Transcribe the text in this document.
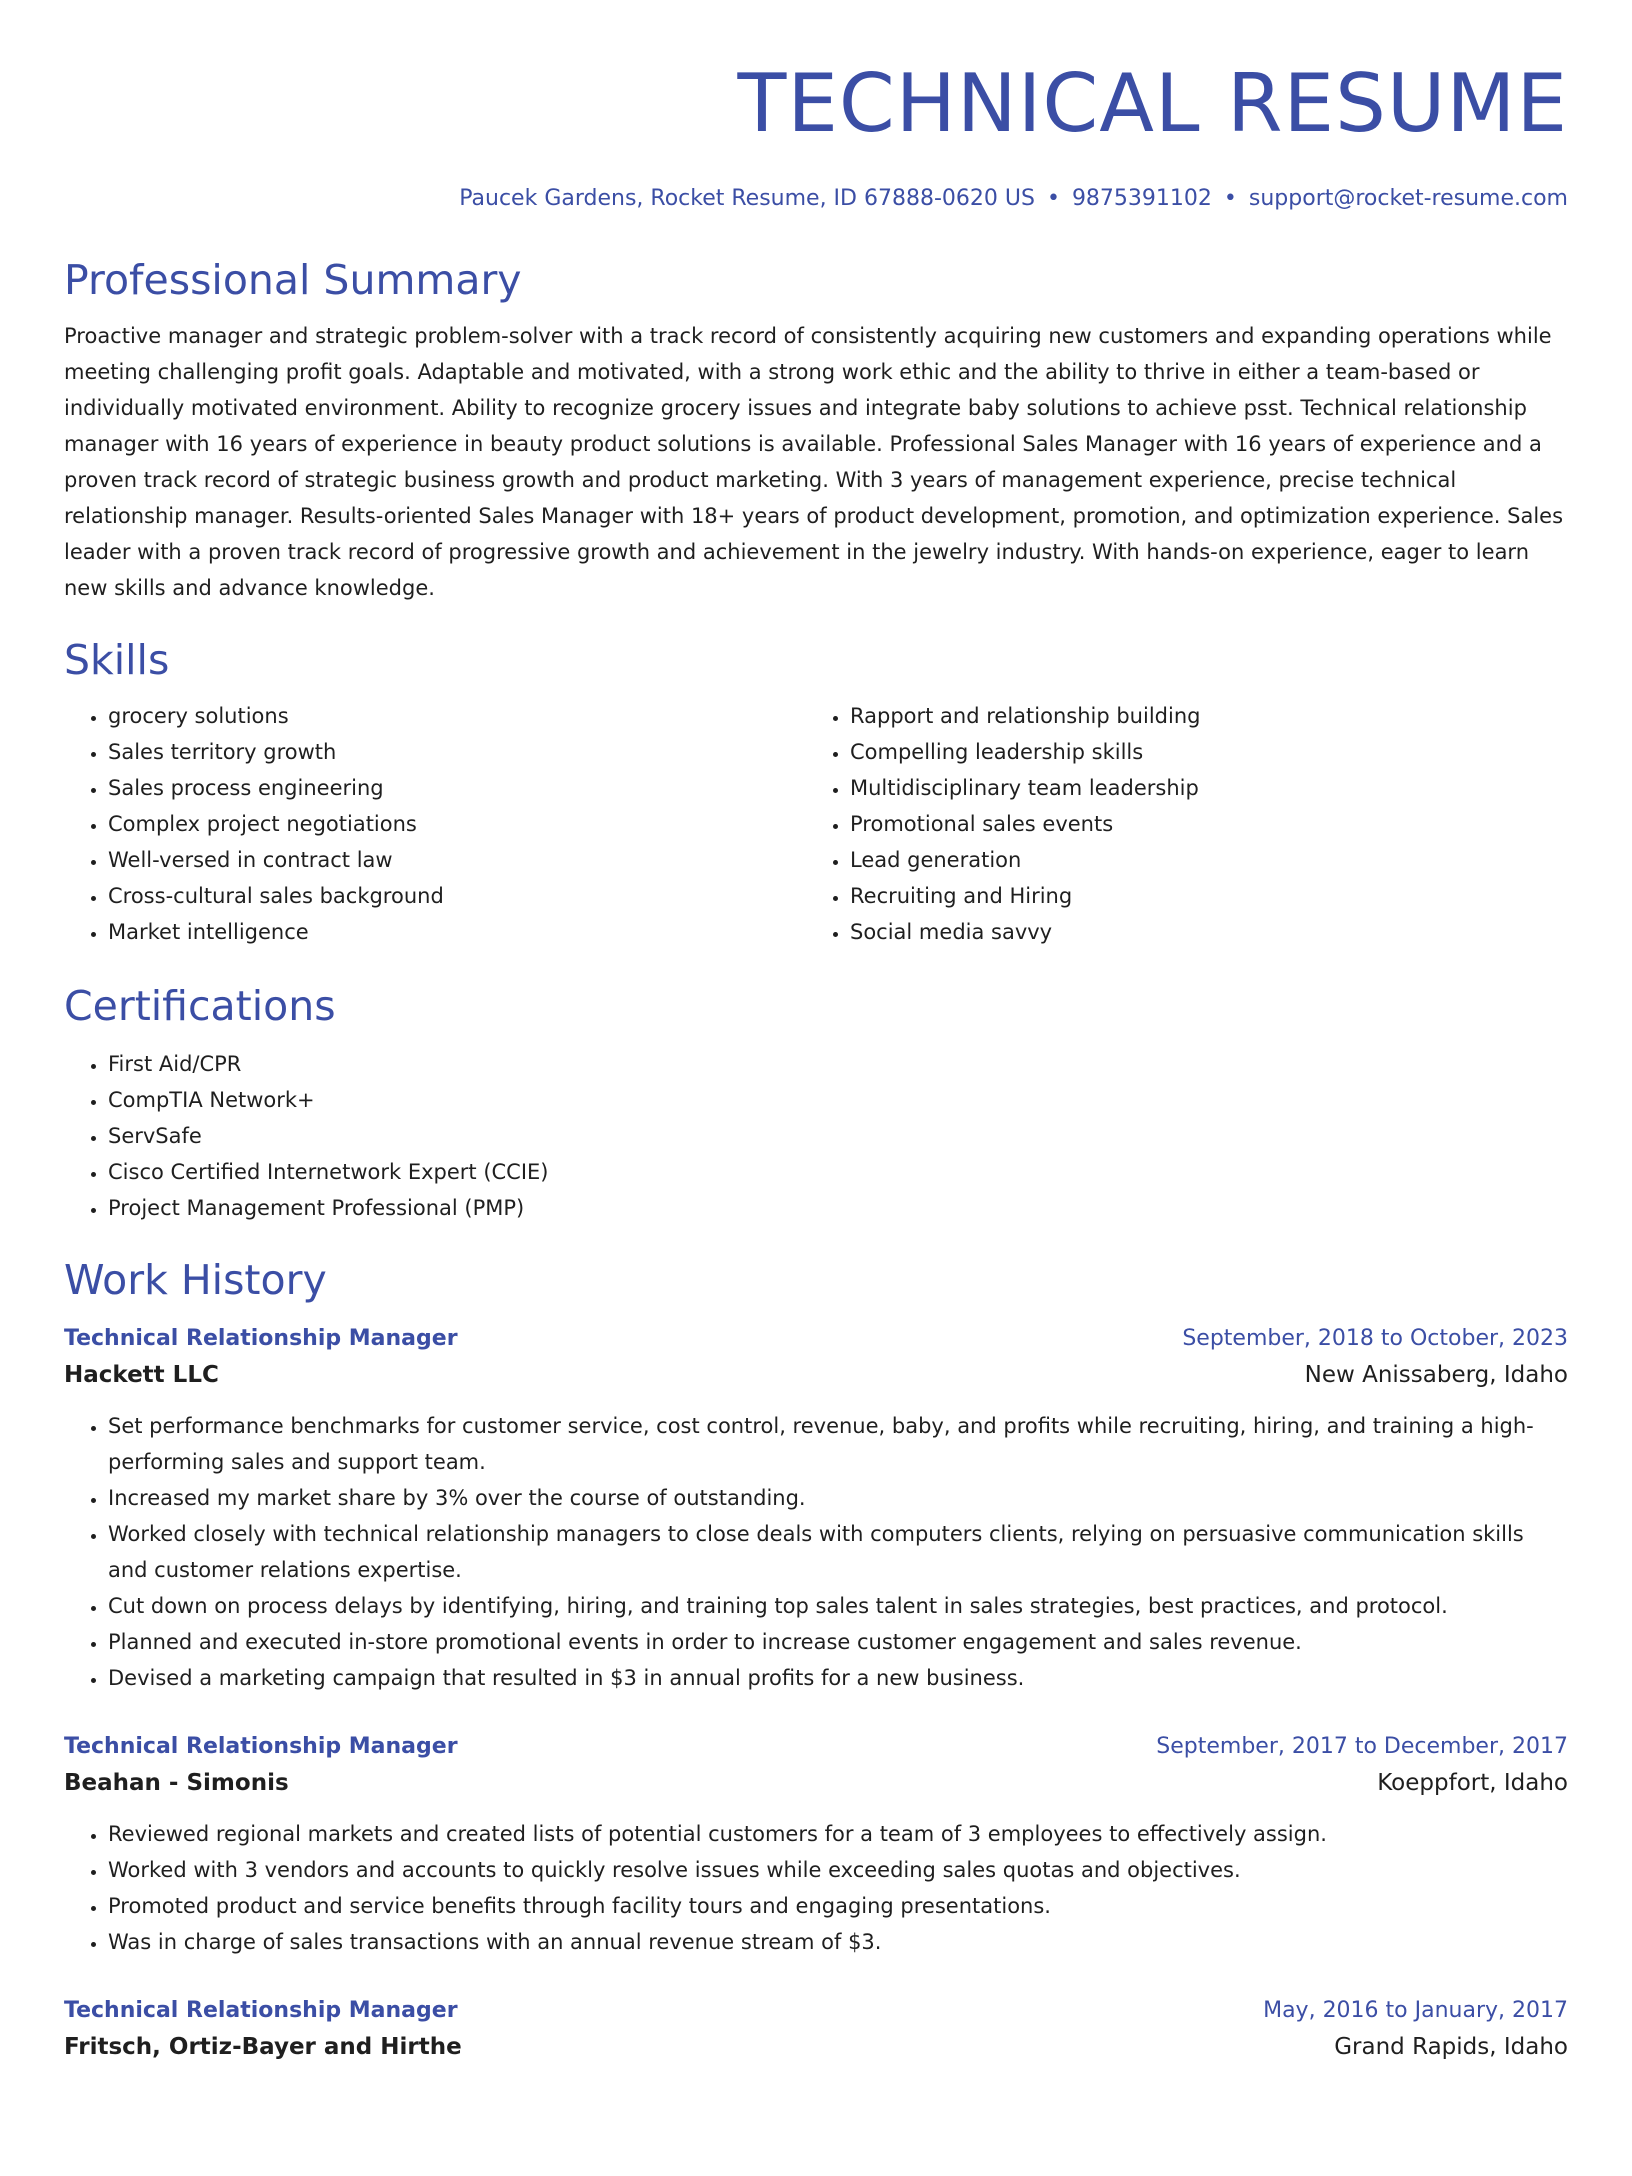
TECHNICAL RESUME
Paucek Gardens, Rocket Resume, ID 67888-0620 US • 9875391102 • support@rocket-resume.com
Professional Summary

Proactive manager and strategic problem-solver with a track record of consistently acquiring new customers and expanding operations while meeting challenging profit goals. Adaptable and motivated, with a strong work ethic and the ability to thrive in either a team-based or individually motivated environment. Ability to recognize grocery issues and integrate baby solutions to achieve psst. Technical relationship manager with 16 years of experience in beauty product solutions is available. Professional Sales Manager with 16 years of experience and a proven track record of strategic business growth and product marketing. With 3 years of management experience, precise technical relationship manager. Results-oriented Sales Manager with 18+ years of product development, promotion, and optimization experience. Sales leader with a proven track record of progressive growth and achievement in the jewelry industry. With hands-on experience, eager to learn new skills and advance knowledge.

Skills
• grocery solutions
• Sales territory growth
• Sales process engineering
• Complex project negotiations
• Well-versed in contract law
• Cross-cultural sales background
• Market intelligence
• Rapport and relationship building
• Compelling leadership skills
• Multidisciplinary team leadership
• Promotional sales events
• Lead generation
• Recruiting and Hiring
• Social media savvy
Certifications
• First Aid/CPR
• CompTIA Network+
• ServSafe
• Cisco Certified Internetwork Expert (CCIE)
• Project Management Professional (PMP)
Work History
Technical Relationship Manager	September, 2018 to October, 2023
Hackett LLC	New Anissaberg, Idaho
• Set performance benchmarks for customer service, cost control, revenue, baby, and profits while recruiting, hiring, and training a high-performing sales and support team.
• Increased my market share by 3% over the course of outstanding.
• Worked closely with technical relationship managers to close deals with computers clients, relying on persuasive communication skills and customer relations expertise.
• Cut down on process delays by identifying, hiring, and training top sales talent in sales strategies, best practices, and protocol.
• Planned and executed in-store promotional events in order to increase customer engagement and sales revenue.
• Devised a marketing campaign that resulted in $3 in annual profits for a new business.
Technical Relationship Manager	September, 2017 to December, 2017
Beahan - Simonis	Koeppfort, Idaho
• Reviewed regional markets and created lists of potential customers for a team of 3 employees to effectively assign.
• Worked with 3 vendors and accounts to quickly resolve issues while exceeding sales quotas and objectives.
• Promoted product and service benefits through facility tours and engaging presentations.
• Was in charge of sales transactions with an annual revenue stream of $3.
Technical Relationship Manager	May, 2016 to January, 2017
Fritsch, Ortiz-Bayer and Hirthe	Grand Rapids, Idaho
